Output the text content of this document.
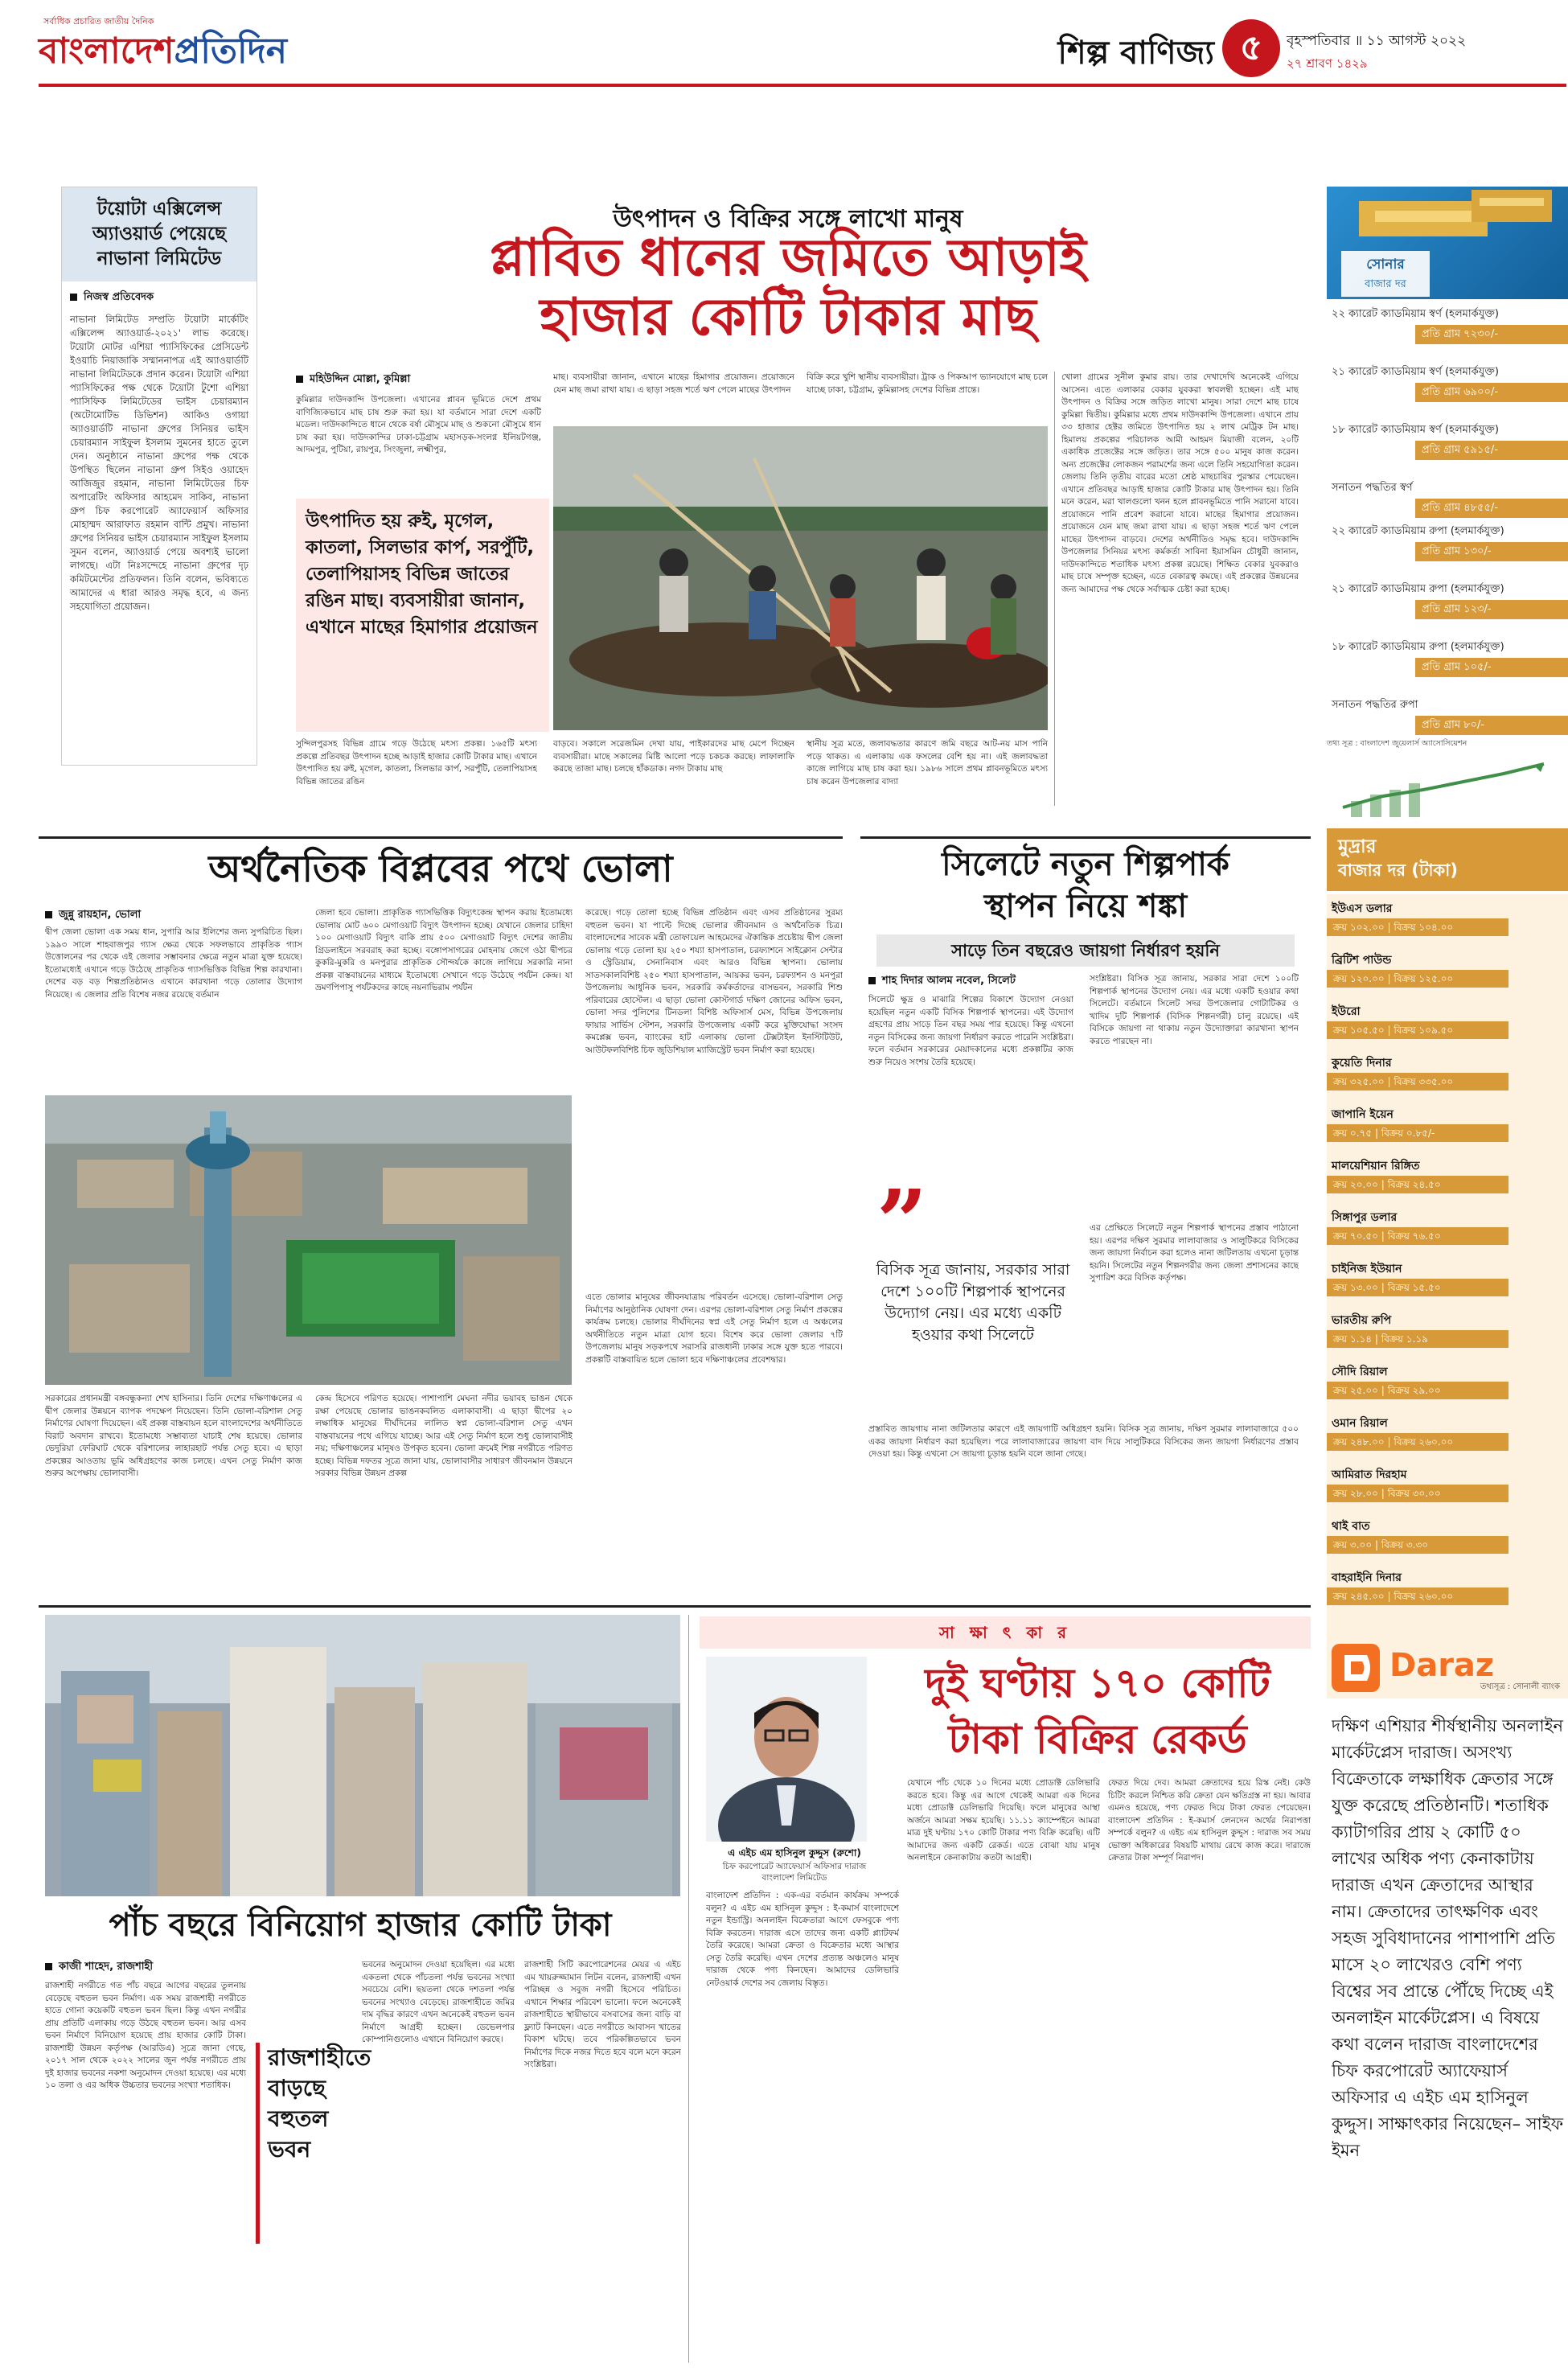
সর্বাধিক প্রচারিত জাতীয় দৈনিক
বাংলাদেশপ্রতিদিন	শিল্প বাণিজ্য ৫	বৃহস্পতিবার ॥ ১১ আগস্ট ২০২২
২৭ শ্রাবণ ১৪২৯
টয়োটা এক্সিলেন্স অ্যাওয়ার্ড পেয়েছে নাভানা লিমিটেড
নিজস্ব প্রতিবেদক
নাভানা লিমিটেড সম্প্রতি টয়োটা মার্কেটিং এক্সিলেন্স অ্যাওয়ার্ড-২০২১' লাভ করেছে। টয়োটা মোটর এশিয়া প্যাসিফিকের প্রেসিডেন্ট ইওয়াচি নিয়াজাকি সম্মাননাপত্র এই অ্যাওয়ার্ডটি নাভানা লিমিটেডকে প্রদান করেন। টয়োটা এশিয়া প্যাসিফিকের পক্ষ থেকে টয়োটা টুশো এশিয়া প্যাসিফিক লিমিটেডের ভাইস চেয়ারম্যান (অটোমোটিভ ডিভিশন) আকিও ওগায়া অ্যাওয়ার্ডটি নাভানা গ্রুপের সিনিয়র ভাইস চেয়ারম্যান সাইফুল ইসলাম সুমনের হাতে তুলে দেন। অনুষ্ঠানে নাভানা গ্রুপের পক্ষ থেকে উপস্থিত ছিলেন নাভানা গ্রুপ সিইও ওয়াহেদ আজিজুর রহমান, নাভানা লিমিটেডের চিফ অপারেটিং অফিসার আহমেদ সাকিব, নাভানা গ্রুপ চিফ করপোরেট অ্যাফেয়ার্স অফিসার মোহাম্মদ আরাফাত রহমান বান্টি প্রমুখ। নাভানা গ্রুপের সিনিয়র ভাইস চেয়ারম্যান সাইফুল ইসলাম সুমন বলেন, অ্যাওয়ার্ড পেয়ে অবশ্যই ভালো লাগছে। এটা নিঃসন্দেহে নাভানা গ্রুপের দৃঢ় কমিটমেন্টের প্রতিফলন। তিনি বলেন, ভবিষ্যতে আমাদের এ ধারা আরও সমৃদ্ধ হবে, এ জন্য সহযোগিতা প্রয়োজন।
উৎপাদন ও বিক্রির সঙ্গে লাখো মানুষ
প্লাবিত ধানের জমিতে আড়াই
হাজার কোটি টাকার মাছ
মহিউদ্দিন মোল্লা, কুমিল্লা
কুমিল্লার দাউদকান্দি উপজেলা। এখানের প্লাবন ভূমিতে দেশে প্রথম বাণিজ্যিকভাবে মাছ চাষ শুরু করা হয়। যা বর্তমানে সারা দেশে একটি মডেল। দাউদকান্দিতে ধানে থেকে বর্ষা মৌসুমে মাছ ও শুকনো মৌসুমে ধান চাষ করা হয়। দাউদকান্দির ঢাকা-চট্টগ্রাম মহাসড়ক-সংলগ্ন ইলিয়টগঞ্জ, আদমপুর, পুটিয়া, রায়পুর, সিংজুলা, লক্ষ্মীপুর,
মাছ। ব্যবসায়ীরা জানান, এখানে মাছের হিমাগার প্রয়োজন। প্রয়োজনে যেন মাছ জমা রাখা যায়। এ ছাড়া সহজ শর্তে ঋণ পেলে মাছের উৎপাদন
বিক্রি করে খুশি স্থানীয় ব্যবসায়ীরা। ট্রাক ও পিকআপ ভ্যানযোগে মাছ চলে যাচ্ছে ঢাকা, চট্টগ্রাম, কুমিল্লাসহ দেশের বিভিন্ন প্রান্তে।
উৎপাদিত হয় রুই, মৃগেল, কাতলা, সিলভার কার্প, সরপুঁটি, তেলাপিয়াসহ বিভিন্ন জাতের রঙিন মাছ। ব্যবসায়ীরা জানান, এখানে মাছের হিমাগার প্রয়োজন
সুন্দিলপুরসহ বিভিন্ন গ্রামে গড়ে উঠেছে মৎস্য প্রকল্প। ১৬৫টি মৎস্য প্রকল্পে প্রতিবছর উৎপাদন হচ্ছে আড়াই হাজার কোটি টাকার মাছ। এখানে উৎপাদিত হয় রুই, মৃগেল, কাতলা, সিলভার কার্প, সরপুঁটি, তেলাপিয়াসহ বিভিন্ন জাতের রঙিন
বাড়বে। সকালে সরেজমিন দেখা যায়, পাইকারদের মাছ মেপে দিচ্ছেন ব্যবসায়ীরা। মাছে সকালের মিষ্টি আলো পড়ে চকচক করছে। লাফালাফি করছে তাজা মাছ। চলছে হাঁকডাক। নগদ টাকায় মাছ
স্থানীয় সূত্র মতে, জলাবদ্ধতার কারণে জমি বছরে আট-নয় মাস পানি পড়ে থাকত। এ এলাকায় এক ফসলের বেশি হয় না। এই জলাবদ্ধতা কাজে লাগিয়ে মাছ চাষ করা হয়। ১৯৮৬ সালে প্রথম প্লাবনভূমিতে মৎস্য চাষ করেন উপজেলার বাদ্যা
খোলা গ্রামের সুনীল কুমার রায়। তার দেখাদেখি অনেকেই এগিয়ে আসেন। এতে এলাকার বেকার যুবকরা স্বাবলম্বী হচ্ছেন। এই মাছ উৎপাদন ও বিক্রির সঙ্গে জড়িত লাখো মানুষ। সারা দেশে মাছ চাষে কুমিল্লা দ্বিতীয়। কুমিল্লার মধ্যে প্রথম দাউদকান্দি উপজেলা। এখানে প্রায় ৩৩ হাজার হেক্টর জমিতে উৎপাদিত হয় ২ লাখ মেট্রিক টন মাছ। হিমালয় প্রকল্পের পরিচালক আমী আহমদ মিয়াজী বলেন, ২০টি একাধিক প্রজেক্টের সঙ্গে জড়িত। তার সঙ্গে ৫০০ মানুষ কাজ করেন। অন্য প্রজেক্টের লোকজন পরামর্শের জন্য এলে তিনি সহযোগিতা করেন। জেলায় তিনি তৃতীয় বারের মতো শ্রেষ্ঠ মাছচাষির পুরস্কার পেয়েছেন। এখানে প্রতিবছর আড়াই হাজার কোটি টাকার মাছ উৎপাদন হয়। তিনি মনে করেন, মরা খালগুলো খনন হলে প্লাবনভূমিতে পানি সরানো যাবে। প্রয়োজনে পানি প্রবেশ করানো যাবে। মাছের হিমাগার প্রয়োজন। প্রয়োজনে যেন মাছ জমা রাখা যায়। এ ছাড়া সহজ শর্তে ঋণ পেলে মাছের উৎপাদন বাড়বে। দেশের অর্থনীতিও সমৃদ্ধ হবে। দাউদকান্দি উপজেলার সিনিয়র মৎস্য কর্মকর্তা সাবিনা ইয়াসমিন চৌধুরী জানান, দাউদকান্দিতে শতাধিক মৎস্য প্রকল্প রয়েছে। শিক্ষিত বেকার যুবকরাও মাছ চাষে সম্পৃক্ত হচ্ছেন, এতে বেকারত্ব কমছে। এই প্রকল্পের উন্নয়নের জন্য আমাদের পক্ষ থেকে সর্বাত্মক চেষ্টা করা হচ্ছে।
সোনার
বাজার দর
২২ ক্যারেট ক্যাডমিয়াম স্বর্ণ (হলমার্কযুক্ত)
প্রতি গ্রাম ৭২৩০/-
২১ ক্যারেট ক্যাডমিয়াম স্বর্ণ (হলমার্কযুক্ত)
প্রতি গ্রাম ৬৯০০/-
১৮ ক্যারেট ক্যাডমিয়াম স্বর্ণ (হলমার্কযুক্ত)
প্রতি গ্রাম ৫৯১৫/-
সনাতন পদ্ধতির স্বর্ণ
প্রতি গ্রাম ৪৮৫৫/-
২২ ক্যারেট ক্যাডমিয়াম রুপা (হলমার্কযুক্ত)
প্রতি গ্রাম ১৩০/-
২১ ক্যারেট ক্যাডমিয়াম রুপা (হলমার্কযুক্ত)
প্রতি গ্রাম ১২৩/-
১৮ ক্যারেট ক্যাডমিয়াম রুপা (হলমার্কযুক্ত)
প্রতি গ্রাম ১০৫/-
সনাতন পদ্ধতির রুপা
প্রতি গ্রাম ৮০/-
তথ্য সূত্র : বাংলাদেশ জুয়েলার্স অ্যাসোসিয়েশন
মুদ্রার
বাজার দর (টাকা)
ইউএস ডলার
ক্রয় ১০২.০০ | বিক্রয় ১০৪.০০
ব্রিটিশ পাউন্ড
ক্রয় ১২০.০০ | বিক্রয় ১২৫.০০
ইউরো
ক্রয় ১০৫.৫০ | বিক্রয় ১০৯.৫০
কুয়েতি দিনার
ক্রয় ৩২৫.০০ | বিক্রয় ৩৩৫.০০
জাপানি ইয়েন
ক্রয় ০.৭৫ | বিক্রয় ০.৮৫/-
মালয়েশিয়ান রিঙ্গিত
ক্রয় ২০.০০ | বিক্রয় ২৪.৫০
সিঙ্গাপুর ডলার
ক্রয় ৭০.৫০ | বিক্রয় ৭৬.৫০
চাইনিজ ইউয়ান
ক্রয় ১৩.০০ | বিক্রয় ১৫.৫০
ভারতীয় রুপি
ক্রয় ১.১৪ | বিক্রয় ১.১৯
সৌদি রিয়াল
ক্রয় ২৫.০০ | বিক্রয় ২৯.০০
ওমান রিয়াল
ক্রয় ২৪৮.০০ | বিক্রয় ২৬০.০০
আমিরাত দিরহাম
ক্রয় ২৮.০০ | বিক্রয় ৩০.০০
থাই বাত
ক্রয় ৩.০০ | বিক্রয় ৩.৩০
বাহরাইনি দিনার
ক্রয় ২৪৫.০০ | বিক্রয় ২৬০.০০
তথ্যসূত্র : সোনালী ব্যাংক
অর্থনৈতিক বিপ্লবের পথে ভোলা
জুন্নু রায়হান, ভোলা
দ্বীপ জেলা ভোলা এক সময় ধান, সুপারি আর ইলিশের জন্য সুপরিচিত ছিল। ১৯৯৩ সালে শাহবাজপুর গ্যাস ক্ষেত্র থেকে সফলভাবে প্রাকৃতিক গ্যাস উত্তোলনের পর থেকে এই জেলার সম্ভাবনার ক্ষেত্রে নতুন মাত্রা যুক্ত হয়েছে। ইতোমধ্যেই এখানে গড়ে উঠেছে প্রাকৃতিক গ্যাসভিত্তিক বিভিন্ন শিল্প কারখানা। দেশের বড় বড় শিল্পপ্রতিষ্ঠানও এখানে কারখানা গড়ে তোলার উদ্যোগ নিয়েছে। এ জেলার প্রতি বিশেষ নজর রয়েছে বর্তমান
জেলা হবে ভোলা। প্রাকৃতিক গ্যাসভিত্তিক বিদ্যুৎকেন্দ্র স্থাপন করায় ইতোমধ্যে ভোলায় মোট ৬০০ মেগাওয়াট বিদ্যুৎ উৎপাদন হচ্ছে। যেখানে জেলার চাহিদা ১০০ মেগাওয়াট বিদ্যুৎ বাকি প্রায় ৫০০ মেগাওয়াট বিদ্যুৎ দেশের জাতীয় গ্রিডলাইনে সরবরাহ করা হচ্ছে। বঙ্গোপসাগরের মোহনায় জেগে ওঠা দ্বীপচর কুকরি-মুকরি ও মনপুরার প্রাকৃতিক সৌন্দর্যকে কাজে লাগিয়ে সরকারি নানা প্রকল্প বাস্তবায়নের মাধ্যমে ইতোমধ্যে সেখানে গড়ে উঠেছে পর্যটন কেন্দ্র। যা ভ্রমণপিপাসু পর্যটকদের কাছে নয়নাভিরাম পর্যটন
করেছে। গড়ে তোলা হচ্ছে বিভিন্ন প্রতিষ্ঠান এবং এসব প্রতিষ্ঠানের সুরম্য বহুতল ভবন। যা পাল্টে দিচ্ছে ভোলার জীবনমান ও অর্থনৈতিক চিত্র। বাংলাদেশের সাবেক মন্ত্রী তোফায়েল আহমেদের ঐকান্তিক প্রচেষ্টায় দ্বীপ জেলা ভোলায় গড়ে তোলা হয় ২৫০ শয্যা হাসপাতাল, চরফ্যাশনে সাইক্লোন সেন্টার ও স্ট্রেডিয়াম, সেনানিবাস এবং আরও বিভিন্ন স্থাপনা। ভোলায় সাতসকালবিশিষ্ট ২৫০ শয্যা হাসপাতাল, আয়কর ভবন, চরফ্যাশন ও মনপুরা উপজেলায় আধুনিক ভবন, সরকারি কর্মকর্তাদের বাসভবন, সরকারি শিশু পরিবারের হোস্টেল। এ ছাড়া ভোলা কোস্টগার্ড দক্ষিণ জোনের অফিস ভবন, ভোলা সদর পুলিশের টিনডলা বিশিষ্ট অফিসার্স মেস, বিভিন্ন উপজেলায় ফায়ার সার্ভিস স্টেশন, সরকারি উপজেলায় একটি করে মুক্তিযোদ্ধা সংসদ কমপ্লেক্স ভবন, ব্যাংকের হাট এলাকায় ভোলা টেক্সটাইল ইনস্টিটিউট, আউটফলবিশিষ্ট চিফ জুডিশিয়াল ম্যাজিস্ট্রেট ভবন নির্মাণ করা হয়েছে।
এতে ভোলার মানুষের জীবনযাত্রায় পরিবর্তন এসেছে। ভোলা-বরিশাল সেতু নির্মাণের আনুষ্ঠানিক ঘোষণা দেন। এরপর ভোলা-বরিশাল সেতু নির্মাণ প্রকল্পের কার্যক্রম চলছে। ভোলার দীর্ঘদিনের স্বপ্ন এই সেতু নির্মাণ হলে এ অঞ্চলের অর্থনীতিতে নতুন মাত্রা যোগ হবে। বিশেষ করে ভোলা জেলার ৭টি উপজেলায় মানুষ সড়কপথে সরাসরি রাজধানী ঢাকার সঙ্গে যুক্ত হতে পারবে। প্রকল্পটি বাস্তবায়িত হলে ভোলা হবে দক্ষিণাঞ্চলের প্রবেশদ্বার।
সরকারের প্রধানমন্ত্রী বঙ্গবন্ধুকন্যা শেখ হাসিনার। তিনি দেশের দক্ষিণাঞ্চলের এ দ্বীপ জেলার উন্নয়নে ব্যাপক পদক্ষেপ নিয়েছেন। তিনি ভোলা-বরিশাল সেতু নির্মাণের ঘোষণা দিয়েছেন। এই প্রকল্প বাস্তবায়ন হলে বাংলাদেশের অর্থনীতিতে বিরাট অবদান রাখবে। ইতোমধ্যে সম্ভাব্যতা যাচাই শেষ হয়েছে। ভোলার ভেদুরিয়া ফেরিঘাট থেকে বরিশালের লাহারহাট পর্যন্ত সেতু হবে। এ ছাড়া প্রকল্পের আওতায় ভূমি অধিগ্রহণের কাজ চলছে। এখন সেতু নির্মাণ কাজ শুরুর অপেক্ষায় ভোলাবাসী।
কেন্দ্র হিসেবে পরিণত হয়েছে। পাশাপাশি মেঘনা নদীর ভয়াবহ ভাঙন থেকে রক্ষা পেয়েছে ভোলার ভাঙনকবলিত এলাকাবাসী। এ ছাড়া দ্বীপের ২০ লক্ষাধিক মানুষের দীর্ঘদিনের লালিত স্বপ্ন ভোলা-বরিশাল সেতু এখন বাস্তবায়নের পথে এগিয়ে যাচ্ছে। আর এই সেতু নির্মাণ হলে শুধু ভোলাবাসীই নয়; দক্ষিণাঞ্চলের মানুষও উপকৃত হবেন। ভোলা ক্রমেই শিল্প নগরীতে পরিণত হচ্ছে। বিভিন্ন দফতর সূত্রে জানা যায়, ভোলাবাসীর সাধারণ জীবনমান উন্নয়নে সরকার বিভিন্ন উন্নয়ন প্রকল্প
সিলেটে নতুন শিল্পপার্ক
স্থাপন নিয়ে শঙ্কা
সাড়ে তিন বছরেও জায়গা নির্ধারণ হয়নি
শাহ দিদার আলম নবেল, সিলেট
সিলেটে ক্ষুদ্র ও মাঝারি শিল্পের বিকাশে উদ্যোগ নেওয়া হয়েছিল নতুন একটি বিসিক শিল্পপার্ক স্থাপনের। এই উদ্যোগ গ্রহণের প্রায় সাড়ে তিন বছর সময় পার হয়েছে। কিন্তু এখনো নতুন বিসিকের জন্য জায়গা নির্ধারণ করতে পারেনি সংশ্লিষ্টরা। ফলে বর্তমান সরকারের মেয়াদকালের মধ্যে প্রকল্পটির কাজ শুরু নিয়েও সংশয় তৈরি হয়েছে।
সংশ্লিষ্টরা। বিসিক সূত্র জানায়, সরকার সারা দেশে ১০০টি শিল্পপার্ক স্থাপনের উদ্যোগ নেয়। এর মধ্যে একটি হওয়ার কথা সিলেটে। বর্তমানে সিলেট সদর উপজেলার গোটাটিকর ও খাদিম দুটি শিল্পপার্ক (বিসিক শিল্পনগরী) চালু রয়েছে। এই বিসিকে জায়গা না থাকায় নতুন উদ্যোক্তারা কারখানা স্থাপন করতে পারছেন না।
”
বিসিক সূত্র জানায়, সরকার সারা দেশে ১০০টি শিল্পপার্ক স্থাপনের উদ্যোগ নেয়। এর মধ্যে একটি হওয়ার কথা সিলেটে
এর প্রেক্ষিতে সিলেটে নতুন শিল্পপার্ক স্থাপনের প্রস্তাব পাঠানো হয়। এরপর দক্ষিণ সুরমার লালাবাজার ও সালুটিকরে বিসিকের জন্য জায়গা নির্বাচন করা হলেও নানা জটিলতায় এখনো চূড়ান্ত হয়নি। সিলেটের নতুন শিল্পনগরীর জন্য জেলা প্রশাসনের কাছে সুপারিশ করে বিসিক কর্তৃপক্ষ।
প্রস্তাবিত জায়গায় নানা জটিলতার কারণে এই জায়গাটি অধিগ্রহণ হয়নি। বিসিক সূত্র জানায়, দক্ষিণ সুরমার লালাবাজারে ৫০০ একর জায়গা নির্ধারণ করা হয়েছিল। পরে লালাবাজারের জায়গা বাদ দিয়ে সালুটিকরে বিসিকের জন্য জায়গা নির্ধারণের প্রস্তাব দেওয়া হয়। কিন্তু এখনো সে জায়গা চূড়ান্ত হয়নি বলে জানা গেছে।
পাঁচ বছরে বিনিয়োগ হাজার কোটি টাকা
কাজী শাহেদ, রাজশাহী
রাজশাহী নগরীতে গত পাঁচ বছরে আগের বছরের তুলনায় বেড়েছে বহুতল ভবন নির্মাণ। এক সময় রাজশাহী নগরীতে হাতে গোনা কয়েকটি বহুতল ভবন ছিল। কিন্তু এখন নগরীর প্রায় প্রতিটি এলাকায় গড়ে উঠছে বহুতল ভবন। আর এসব ভবন নির্মাণে বিনিয়োগ হয়েছে প্রায় হাজার কোটি টাকা। রাজশাহী উন্নয়ন কর্তৃপক্ষ (আরডিএ) সূত্রে জানা গেছে, ২০১৭ সাল থেকে ২০২২ সালের জুন পর্যন্ত নগরীতে প্রায় দুই হাজার ভবনের নকশা অনুমোদন দেওয়া হয়েছে। এর মধ্যে ১০ তলা ও এর অধিক উচ্চতার ভবনের সংখ্যা শতাধিক।
রাজশাহীতে বাড়ছে বহুতল ভবন
ভবনের অনুমোদন দেওয়া হয়েছিল। এর মধ্যে একতলা থেকে পাঁচতলা পর্যন্ত ভবনের সংখ্যা সবচেয়ে বেশি। ছয়তলা থেকে দশতলা পর্যন্ত ভবনের সংখ্যাও বেড়েছে। রাজশাহীতে জমির দাম বৃদ্ধির কারণে এখন অনেকেই বহুতল ভবন নির্মাণে আগ্রহী হচ্ছেন। ডেভেলপার কোম্পানিগুলোও এখানে বিনিয়োগ করছে।
রাজশাহী সিটি করপোরেশনের মেয়র এ এইচ এম খায়রুজ্জামান লিটন বলেন, রাজশাহী এখন পরিচ্ছন্ন ও সবুজ নগরী হিসেবে পরিচিত। এখানে শিক্ষার পরিবেশ ভালো। ফলে অনেকেই রাজশাহীতে স্থায়ীভাবে বসবাসের জন্য বাড়ি বা ফ্ল্যাট কিনছেন। এতে নগরীতে আবাসন খাতের বিকাশ ঘটছে। তবে পরিকল্পিতভাবে ভবন নির্মাণের দিকে নজর দিতে হবে বলে মনে করেন সংশ্লিষ্টরা।
সা ক্ষা ৎ কা র
এ এইচ এম হাসিনুল কুদ্দুস (রুশো)
চিফ করপোরেট অ্যাফেয়ার্স অফিসার দারাজ বাংলাদেশ লিমিটেড
দুই ঘণ্টায় ১৭০ কোটি
টাকা বিক্রির রেকর্ড
বাংলাদেশ প্রতিদিন : এক-এর বর্তমান কার্যক্রম সম্পর্কে বলুন? এ এইচ এম হাসিনুল কুদ্দুস : ই-কমার্স বাংলাদেশে নতুন ইন্ডাস্ট্রি। অনলাইন বিক্রেতারা আগে ফেসবুকে পণ্য বিক্রি করতেন। দারাজ এসে তাদের জন্য একটি প্ল্যাটফর্ম তৈরি করেছে। আমরা ক্রেতা ও বিক্রেতার মধ্যে আস্থার সেতু তৈরি করেছি। এখন দেশের প্রত্যন্ত অঞ্চলেও মানুষ দারাজ থেকে পণ্য কিনছেন। আমাদের ডেলিভারি নেটওয়ার্ক দেশের সব জেলায় বিস্তৃত।
যেখানে পাঁচ থেকে ১০ দিনের মধ্যে প্রোডাক্ট ডেলিভারি করতে হবে। কিন্তু এর আগে থেকেই আমরা এক দিনের মধ্যে প্রোডাক্ট ডেলিভারি দিয়েছি। ফলে মানুষের আস্থা অর্জনে আমরা সক্ষম হয়েছি। ১১.১১ ক্যাম্পেইনে আমরা মাত্র দুই ঘণ্টায় ১৭০ কোটি টাকার পণ্য বিক্রি করেছি। এটি আমাদের জন্য একটি রেকর্ড। এতে বোঝা যায় মানুষ অনলাইনে কেনাকাটায় কতটা আগ্রহী।
ফেরত দিয়ে দেব। আমরা ক্রেতাদের হয়ে রিস্ক নেই। কেউ চিটিং করলে নিশ্চিত করি ক্রেতা যেন ক্ষতিগ্রস্ত না হয়। আবার এমনও হয়েছে, পণ্য ফেরত দিয়ে টাকা ফেরত পেয়েছেন। বাংলাদেশ প্রতিদিন : ই-কমার্স লেনদেন অর্থের নিরাপত্তা সম্পর্কে বলুন? এ এইচ এম হাসিনুল কুদ্দুস : দারাজ সব সময় ভোক্তা অধিকারের বিষয়টি মাথায় রেখে কাজ করে। দারাজে ক্রেতার টাকা সম্পূর্ণ নিরাপদ।
Daraz
দক্ষিণ এশিয়ার শীর্ষস্থানীয় অনলাইন মার্কেটপ্লেস দারাজ। অসংখ্য বিক্রেতাকে লক্ষাধিক ক্রেতার সঙ্গে যুক্ত করেছে প্রতিষ্ঠানটি। শতাধিক ক্যাটাগরির প্রায় ২ কোটি ৫০ লাখের অধিক পণ্য কেনাকাটায় দারাজ এখন ক্রেতাদের আস্থার নাম। ক্রেতাদের তাৎক্ষণিক এবং সহজ সুবিধাদানের পাশাপাশি প্রতি মাসে ২০ লাখেরও বেশি পণ্য বিশ্বের সব প্রান্তে পৌঁছে দিচ্ছে এই অনলাইন মার্কেটপ্লেস। এ বিষয়ে কথা বলেন দারাজ বাংলাদেশের চিফ করপোরেট অ্যাফেয়ার্স অফিসার এ এইচ এম হাসিনুল কুদ্দুস। সাক্ষাৎকার নিয়েছেন– সাইফ ইমন
